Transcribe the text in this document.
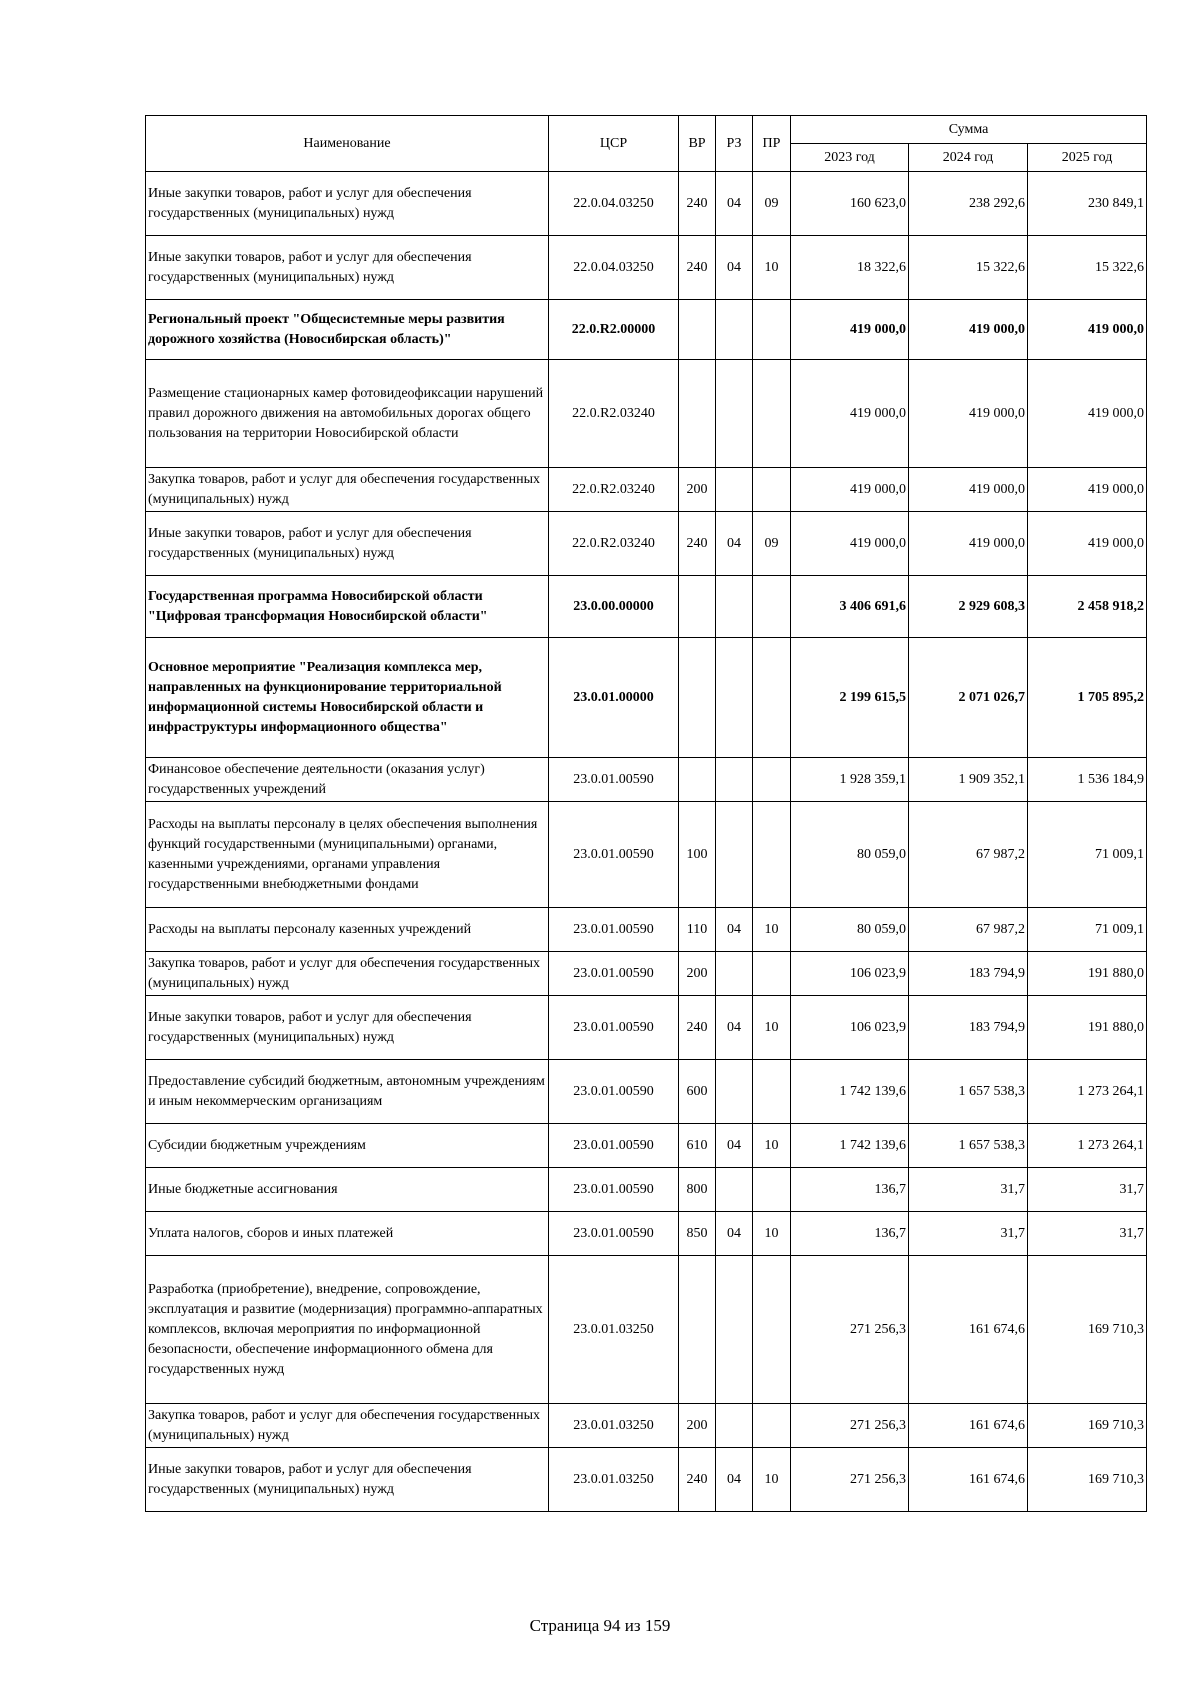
Наименование	ЦСР	ВР	РЗ	ПР	Сумма		
					2023 год	2024 год	2025 год
Иные закупки товаров, работ и услуг для обеспечения государственных (муниципальных) нужд	22.0.04.03250	240	04	09	160 623,0	238 292,6	230 849,1
Иные закупки товаров, работ и услуг для обеспечения государственных (муниципальных) нужд	22.0.04.03250	240	04	10	18 322,6	15 322,6	15 322,6
Региональный проект "Общесистемные меры развития дорожного хозяйства (Новосибирская область)"	22.0.R2.00000				419 000,0	419 000,0	419 000,0
Размещение стационарных камер фотовидеофиксации нарушений правил дорожного движения на автомобильных дорогах общего пользования на территории Новосибирской области	22.0.R2.03240				419 000,0	419 000,0	419 000,0
Закупка товаров, работ и услуг для обеспечения государственных (муниципальных) нужд	22.0.R2.03240	200			419 000,0	419 000,0	419 000,0
Иные закупки товаров, работ и услуг для обеспечения государственных (муниципальных) нужд	22.0.R2.03240	240	04	09	419 000,0	419 000,0	419 000,0
Государственная программа Новосибирской области "Цифровая трансформация Новосибирской области"	23.0.00.00000				3 406 691,6	2 929 608,3	2 458 918,2
Основное мероприятие "Реализация комплекса мер, направленных на функционирование территориальной информационной системы Новосибирской области и инфраструктуры информационного общества"	23.0.01.00000				2 199 615,5	2 071 026,7	1 705 895,2
Финансовое обеспечение деятельности (оказания услуг) государственных учреждений	23.0.01.00590				1 928 359,1	1 909 352,1	1 536 184,9
Расходы на выплаты персоналу в целях обеспечения выполнения функций государственными (муниципальными) органами, казенными учреждениями, органами управления государственными внебюджетными фондами	23.0.01.00590	100			80 059,0	67 987,2	71 009,1
Расходы на выплаты персоналу казенных учреждений	23.0.01.00590	110	04	10	80 059,0	67 987,2	71 009,1
Закупка товаров, работ и услуг для обеспечения государственных (муниципальных) нужд	23.0.01.00590	200			106 023,9	183 794,9	191 880,0
Иные закупки товаров, работ и услуг для обеспечения государственных (муниципальных) нужд	23.0.01.00590	240	04	10	106 023,9	183 794,9	191 880,0
Предоставление субсидий бюджетным, автономным учреждениям и иным некоммерческим организациям	23.0.01.00590	600			1 742 139,6	1 657 538,3	1 273 264,1
Субсидии бюджетным учреждениям	23.0.01.00590	610	04	10	1 742 139,6	1 657 538,3	1 273 264,1
Иные бюджетные ассигнования	23.0.01.00590	800			136,7	31,7	31,7
Уплата налогов, сборов и иных платежей	23.0.01.00590	850	04	10	136,7	31,7	31,7
Разработка (приобретение), внедрение, сопровождение, эксплуатация и развитие (модернизация) программно-аппаратных комплексов, включая мероприятия по информационной безопасности, обеспечение информационного обмена для государственных нужд	23.0.01.03250				271 256,3	161 674,6	169 710,3
Закупка товаров, работ и услуг для обеспечения государственных (муниципальных) нужд	23.0.01.03250	200			271 256,3	161 674,6	169 710,3
Иные закупки товаров, работ и услуг для обеспечения государственных (муниципальных) нужд	23.0.01.03250	240	04	10	271 256,3	161 674,6	169 710,3
Страница 94 из 159
